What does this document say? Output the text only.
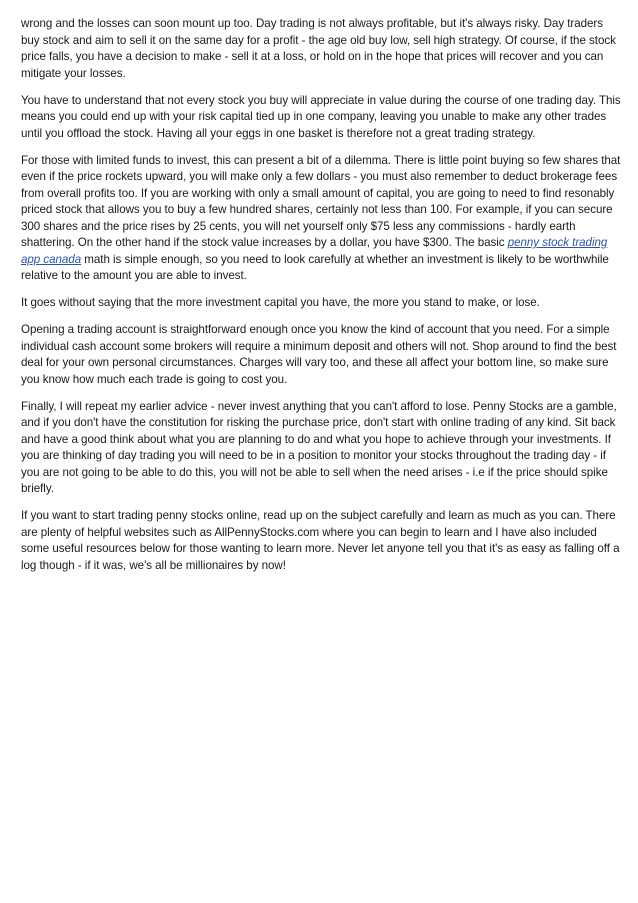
wrong and the losses can soon mount up too. Day trading is not always profitable, but it's always risky. Day traders buy stock and aim to sell it on the same day for a profit - the age old buy low, sell high strategy. Of course, if the stock price falls, you have a decision to make - sell it at a loss, or hold on in the hope that prices will recover and you can mitigate your losses.

You have to understand that not every stock you buy will appreciate in value during the course of one trading day. This means you could end up with your risk capital tied up in one company, leaving you unable to make any other trades until you offload the stock. Having all your eggs in one basket is therefore not a great trading strategy.

For those with limited funds to invest, this can present a bit of a dilemma. There is little point buying so few shares that even if the price rockets upward, you will make only a few dollars - you must also remember to deduct brokerage fees from overall profits too. If you are working with only a small amount of capital, you are going to need to find resonably priced stock that allows you to buy a few hundred shares, certainly not less than 100. For example, if you can secure 300 shares and the price rises by 25 cents, you will net yourself only $75 less any commissions - hardly earth shattering. On the other hand if the stock value increases by a dollar, you have $300. The basic penny stock trading app canada math is simple enough, so you need to look carefully at whether an investment is likely to be worthwhile relative to the amount you are able to invest.

It goes without saying that the more investment capital you have, the more you stand to make, or lose.

Opening a trading account is straightforward enough once you know the kind of account that you need. For a simple individual cash account some brokers will require a minimum deposit and others will not. Shop around to find the best deal for your own personal circumstances. Charges will vary too, and these all affect your bottom line, so make sure you know how much each trade is going to cost you.

Finally, I will repeat my earlier advice - never invest anything that you can't afford to lose. Penny Stocks are a gamble, and if you don't have the constitution for risking the purchase price, don't start with online trading of any kind. Sit back and have a good think about what you are planning to do and what you hope to achieve through your investments. If you are thinking of day trading you will need to be in a position to monitor your stocks throughout the trading day - if you are not going to be able to do this, you will not be able to sell when the need arises - i.e if the price should spike briefly.

If you want to start trading penny stocks online, read up on the subject carefully and learn as much as you can. There are plenty of helpful websites such as AllPennyStocks.com where you can begin to learn and I have also included some useful resources below for those wanting to learn more. Never let anyone tell you that it's as easy as falling off a log though - if it was, we's all be millionaires by now!
